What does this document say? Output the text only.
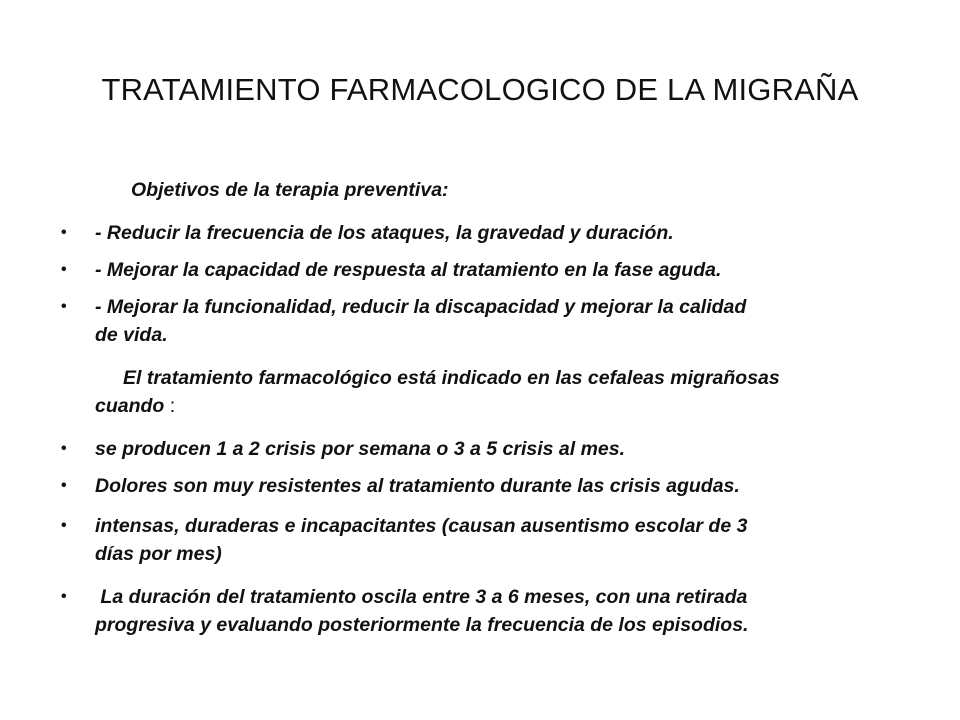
TRATAMIENTO FARMACOLOGICO DE LA MIGRAÑA
Objetivos de la terapia preventiva:
• - Reducir la frecuencia de los ataques, la gravedad y duración.
• - Mejorar la capacidad de respuesta al tratamiento en la fase aguda.
• - Mejorar la funcionalidad, reducir la discapacidad y mejorar la calidad
de vida.
El tratamiento farmacológico está indicado en las cefaleas migrañosas
cuando :
• se producen 1 a 2 crisis por semana o 3 a 5 crisis al mes.
• Dolores son muy resistentes al tratamiento durante las crisis agudas.
• intensas, duraderas e incapacitantes (causan ausentismo escolar de 3
días por mes)
• La duración del tratamiento oscila entre 3 a 6 meses, con una retirada
progresiva y evaluando posteriormente la frecuencia de los episodios.
